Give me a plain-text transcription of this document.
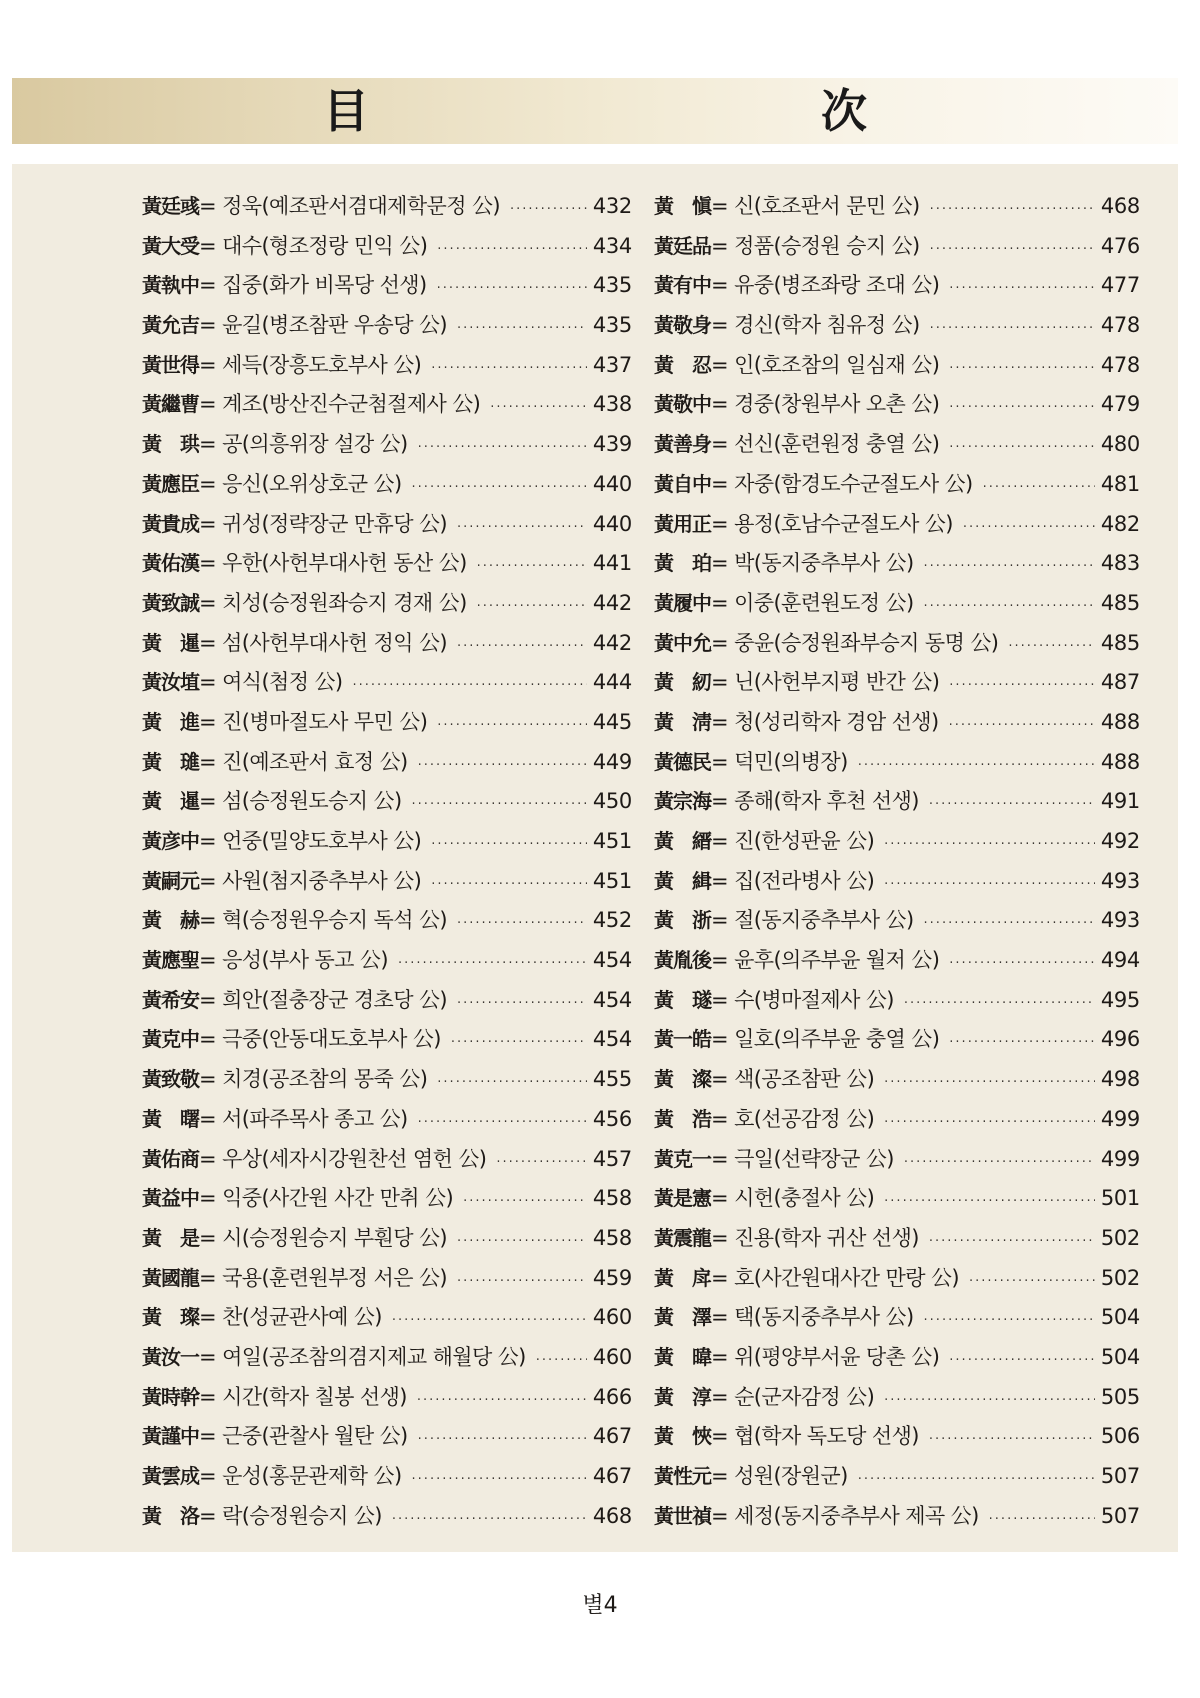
目　　次
黃廷彧 = 정욱(예조판서겸대제학문정 公) ·····	432
黃大受 = 대수(형조정랑 민익 公) ·····	434
黃執中 = 집중(화가 비목당 선생) ·····	435
黃允吉 = 윤길(병조참판 우송당 公) ·····	435
黃世得 = 세득(장흥도호부사 公) ·····	437
黃繼曹 = 계조(방산진수군첨절제사 公) ·····	438
黃　珙 = 공(의흥위장 설강 公) ·····	439
黃應臣 = 응신(오위상호군 公) ·····	440
黃貴成 = 귀성(정략장군 만휴당 公) ·····	440
黃佑漢 = 우한(사헌부대사헌 동산 公) ·····	441
黃致誠 = 치성(승정원좌승지 경재 公) ·····	442
黃　暹 = 섬(사헌부대사헌 정익 公) ·····	442
黃汝埴 = 여식(첨정 公) ·····	444
黃　進 = 진(병마절도사 무민 公) ·····	445
黃　璡 = 진(예조판서 효정 公) ·····	449
黃　暹 = 섬(승정원도승지 公) ·····	450
黃彦中 = 언중(밀양도호부사 公) ·····	451
黃嗣元 = 사원(첨지중추부사 公) ·····	451
黃　赫 = 혁(승정원우승지 독석 公) ·····	452
黃應聖 = 응성(부사 동고 公) ·····	454
黃希安 = 희안(절충장군 경초당 公) ·····	454
黃克中 = 극중(안동대도호부사 公) ·····	454
黃致敬 = 치경(공조참의 몽죽 公) ·····	455
黃　曙 = 서(파주목사 종고 公) ·····	456
黃佑商 = 우상(세자시강원찬선 염헌 公) ·····	457
黃益中 = 익중(사간원 사간 만취 公) ·····	458
黃　是 = 시(승정원승지 부훤당 公) ·····	458
黃國龍 = 국용(훈련원부정 서은 公) ·····	459
黃　璨 = 찬(성균관사예 公) ·····	460
黃汝一 = 여일(공조참의겸지제교 해월당 公) ·····	460
黃時幹 = 시간(학자 칠봉 선생) ·····	466
黃謹中 = 근중(관찰사 월탄 公) ·····	467
黃雲成 = 운성(홍문관제학 公) ·····	467
黃　洛 = 락(승정원승지 公) ·····	468
黃　愼 = 신(호조판서 문민 公) ·····	468
黃廷品 = 정품(승정원 승지 公) ·····	476
黃有中 = 유중(병조좌랑 조대 公) ·····	477
黃敬身 = 경신(학자 침유정 公) ·····	478
黃　忍 = 인(호조참의 일심재 公) ·····	478
黃敬中 = 경중(창원부사 오촌 公) ·····	479
黃善身 = 선신(훈련원정 충열 公) ·····	480
黃自中 = 자중(함경도수군절도사 公) ·····	481
黃用正 = 용정(호남수군절도사 公) ·····	482
黃　珀 = 박(동지중추부사 公) ·····	483
黃履中 = 이중(훈련원도정 公) ·····	485
黃中允 = 중윤(승정원좌부승지 동명 公) ·····	485
黃　紉 = 닌(사헌부지평 반간 公) ·····	487
黃　淸 = 청(성리학자 경암 선생) ·····	488
黃德民 = 덕민(의병장) ·····	488
黃宗海 = 종해(학자 후천 선생) ·····	491
黃　縉 = 진(한성판윤 公) ·····	492
黃　緝 = 집(전라병사 公) ·····	493
黃　浙 = 절(동지중추부사 公) ·····	493
黃胤後 = 윤후(의주부윤 월저 公) ·····	494
黃　璲 = 수(병마절제사 公) ·····	495
黃一皓 = 일호(의주부윤 충열 公) ·····	496
黃　澯 = 색(공조참판 公) ·····	498
黃　浩 = 호(선공감정 公) ·····	499
黃克一 = 극일(선략장군 公) ·····	499
黃是憲 = 시헌(충절사 公) ·····	501
黃震龍 = 진용(학자 귀산 선생) ·····	502
黃　戽 = 호(사간원대사간 만랑 公) ·····	502
黃　澤 = 택(동지중추부사 公) ·····	504
黃　暐 = 위(평양부서윤 당촌 公) ·····	504
黃　淳 = 순(군자감정 公) ·····	505
黃　悏 = 협(학자 독도당 선생) ·····	506
黃性元 = 성원(장원군) ·····	507
黃世禎 = 세정(동지중추부사 제곡 公) ·····	507
별4
